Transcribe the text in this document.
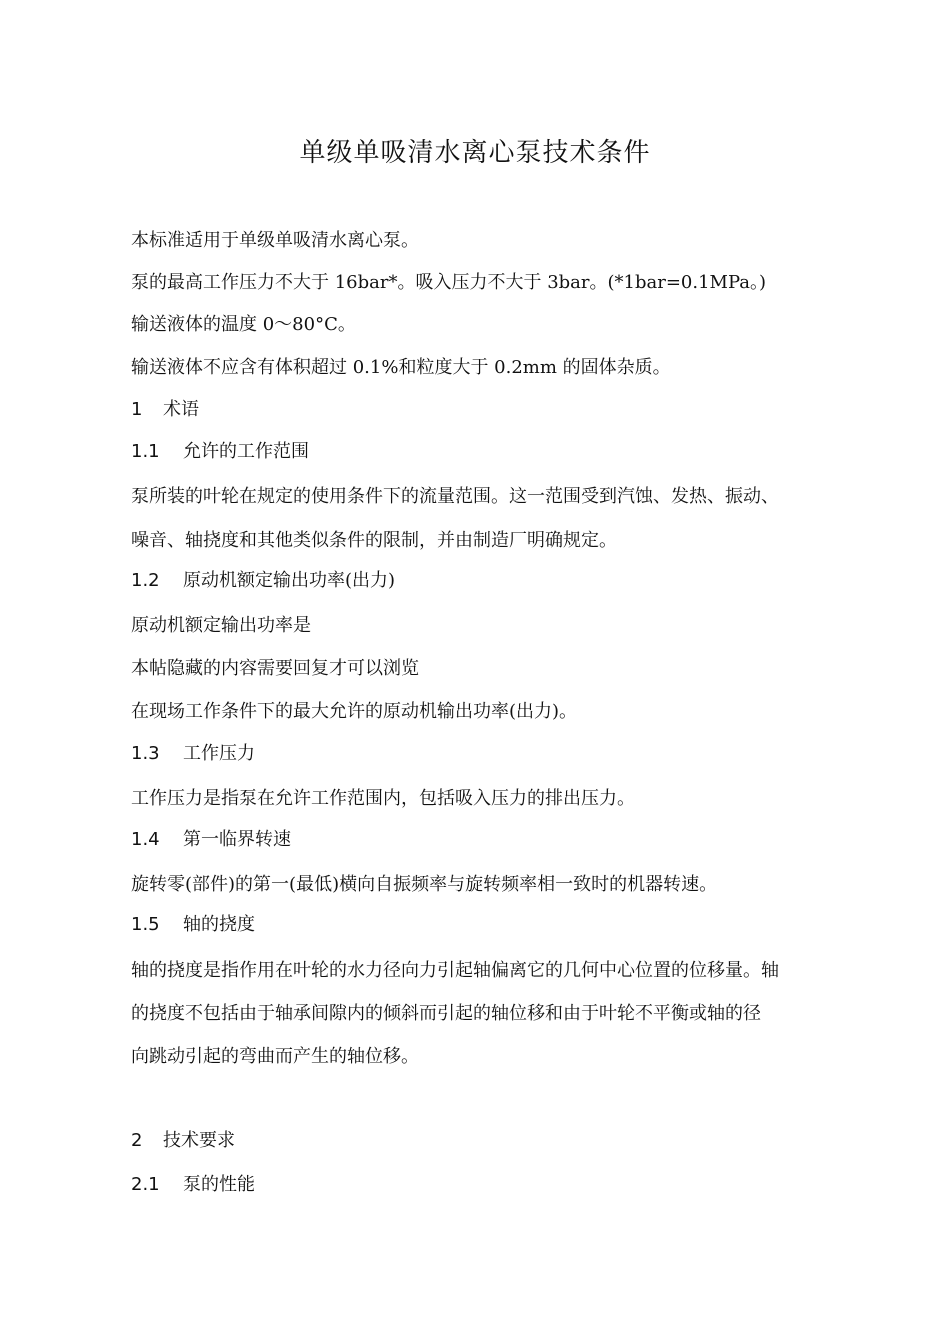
单级单吸清水离心泵技术条件
本标准适用于单级单吸清水离心泵。
泵的最高工作压力不大于 16bar*。吸入压力不大于 3bar。(*1bar=0.1MPa。)
输送液体的温度 0～80°C。
输送液体不应含有体积超过 0.1%和粒度大于 0.2mm 的固体杂质。
1 术语
1.1 允许的工作范围
泵所装的叶轮在规定的使用条件下的流量范围。这一范围受到汽蚀、发热、振动、
噪音、轴挠度和其他类似条件的限制，并由制造厂明确规定。
1.2 原动机额定输出功率(出力)
原动机额定输出功率是
本帖隐藏的内容需要回复才可以浏览
在现场工作条件下的最大允许的原动机输出功率(出力)。
1.3 工作压力
工作压力是指泵在允许工作范围内，包括吸入压力的排出压力。
1.4 第一临界转速
旋转零(部件)的第一(最低)横向自振频率与旋转频率相一致时的机器转速。
1.5 轴的挠度
轴的挠度是指作用在叶轮的水力径向力引起轴偏离它的几何中心位置的位移量。轴
的挠度不包括由于轴承间隙内的倾斜而引起的轴位移和由于叶轮不平衡或轴的径
向跳动引起的弯曲而产生的轴位移。
2 技术要求
2.1 泵的性能
